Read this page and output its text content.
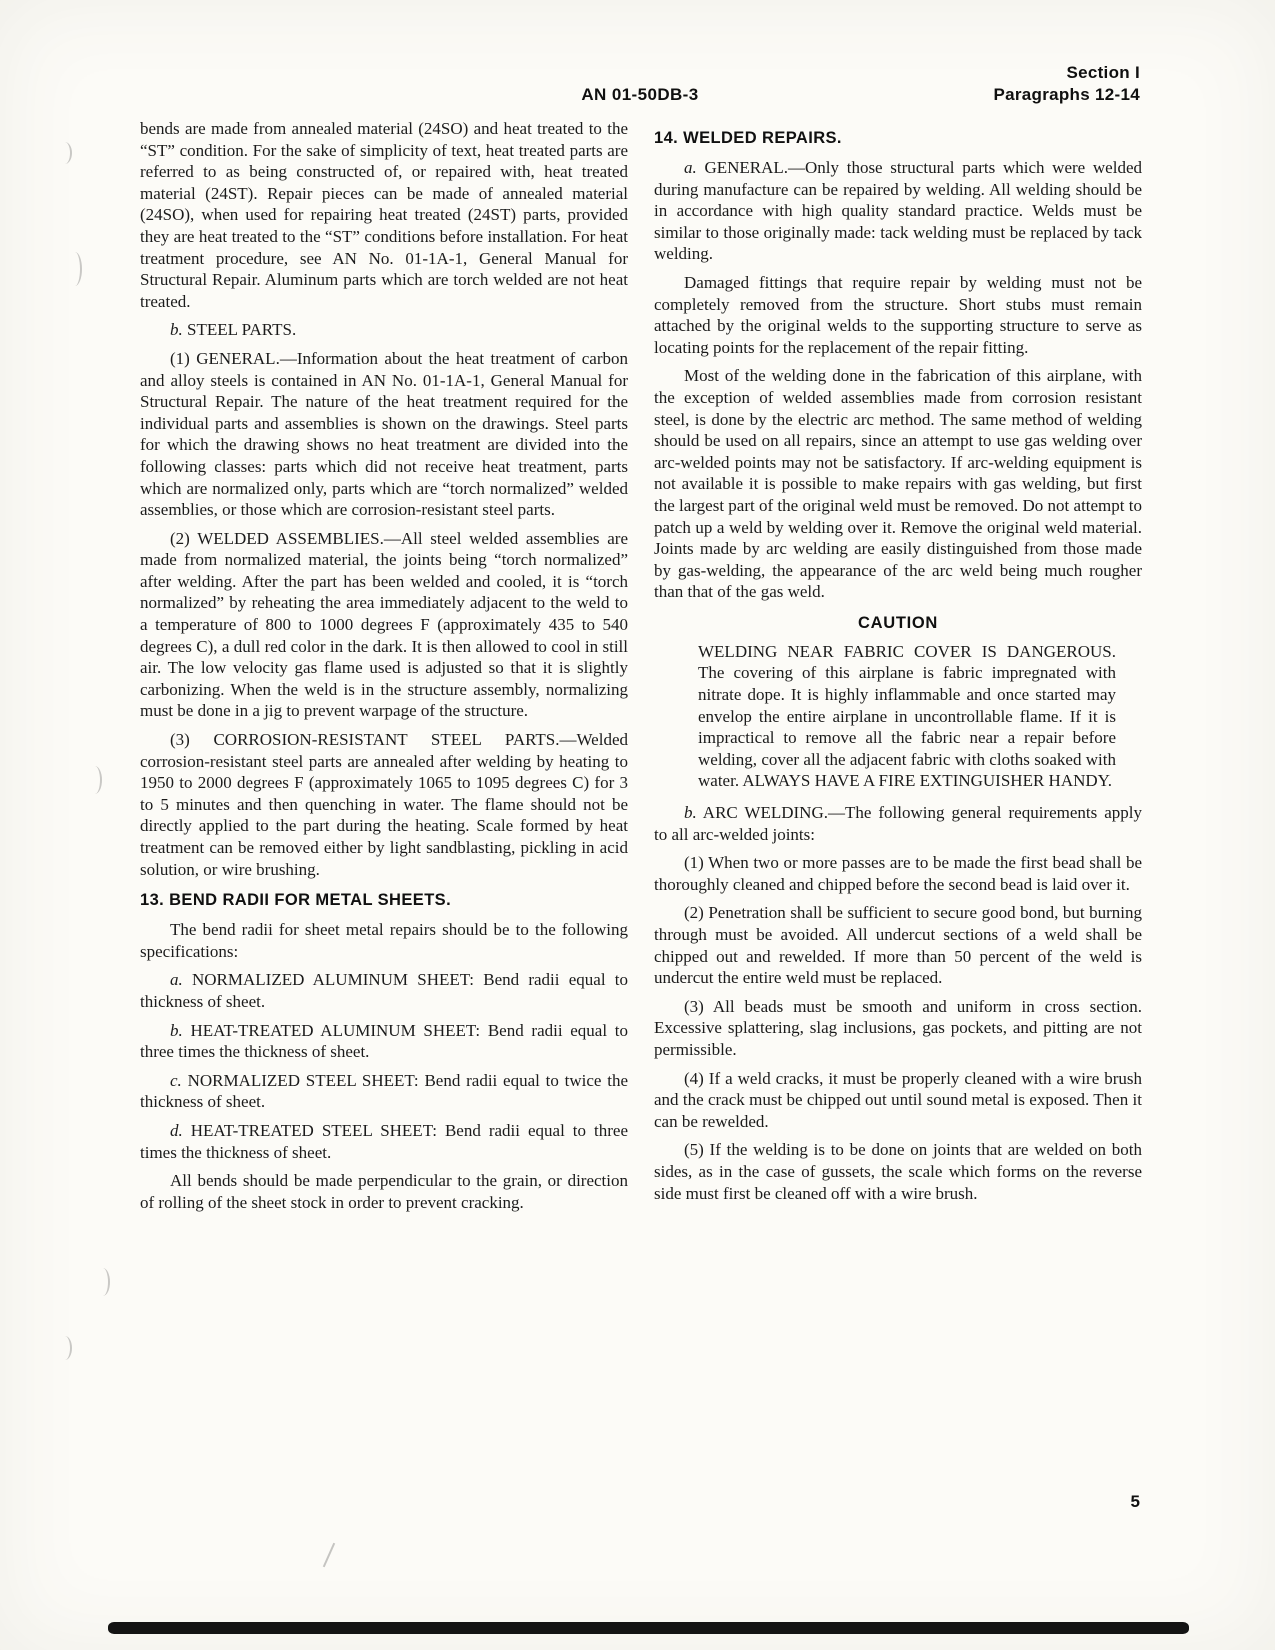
AN 01-50DB-3
Section I
Paragraphs 12-14

bends are made from annealed material (24SO) and heat treated to the “ST” condition. For the sake of simplicity of text, heat treated parts are referred to as being constructed of, or repaired with, heat treated material (24ST). Repair pieces can be made of annealed material (24SO), when used for repairing heat treated (24ST) parts, provided they are heat treated to the “ST” conditions before installation. For heat treatment procedure, see AN No. 01-1A-1, General Manual for Structural Repair. Aluminum parts which are torch welded are not heat treated.

b. STEEL PARTS.

(1) GENERAL.—Information about the heat treatment of carbon and alloy steels is contained in AN No. 01-1A-1, General Manual for Structural Repair. The nature of the heat treatment required for the individual parts and assemblies is shown on the drawings. Steel parts for which the drawing shows no heat treatment are divided into the following classes: parts which did not receive heat treatment, parts which are normalized only, parts which are “torch normalized” welded assemblies, or those which are corrosion-resistant steel parts.

(2) WELDED ASSEMBLIES.—All steel welded assemblies are made from normalized material, the joints being “torch normalized” after welding. After the part has been welded and cooled, it is “torch normalized” by reheating the area immediately adjacent to the weld to a temperature of 800 to 1000 degrees F (approximately 435 to 540 degrees C), a dull red color in the dark. It is then allowed to cool in still air. The low velocity gas flame used is adjusted so that it is slightly carbonizing. When the weld is in the structure assembly, normalizing must be done in a jig to prevent warpage of the structure.

(3) CORROSION-RESISTANT STEEL PARTS.—Welded corrosion-resistant steel parts are annealed after welding by heating to 1950 to 2000 degrees F (approximately 1065 to 1095 degrees C) for 3 to 5 minutes and then quenching in water. The flame should not be directly applied to the part during the heating. Scale formed by heat treatment can be removed either by light sandblasting, pickling in acid solution, or wire brushing.

13. BEND RADII FOR METAL SHEETS.

The bend radii for sheet metal repairs should be to the following specifications:

a. NORMALIZED ALUMINUM SHEET: Bend radii equal to thickness of sheet.

b. HEAT-TREATED ALUMINUM SHEET: Bend radii equal to three times the thickness of sheet.

c. NORMALIZED STEEL SHEET: Bend radii equal to twice the thickness of sheet.

d. HEAT-TREATED STEEL SHEET: Bend radii equal to three times the thickness of sheet.

All bends should be made perpendicular to the grain, or direction of rolling of the sheet stock in order to prevent cracking.

14. WELDED REPAIRS.

a. GENERAL.—Only those structural parts which were welded during manufacture can be repaired by welding. All welding should be in accordance with high quality standard practice. Welds must be similar to those originally made: tack welding must be replaced by tack welding.

Damaged fittings that require repair by welding must not be completely removed from the structure. Short stubs must remain attached by the original welds to the supporting structure to serve as locating points for the replacement of the repair fitting.

Most of the welding done in the fabrication of this airplane, with the exception of welded assemblies made from corrosion resistant steel, is done by the electric arc method. The same method of welding should be used on all repairs, since an attempt to use gas welding over arc-welded points may not be satisfactory. If arc-welding equipment is not available it is possible to make repairs with gas welding, but first the largest part of the original weld must be removed. Do not attempt to patch up a weld by welding over it. Remove the original weld material. Joints made by arc welding are easily distinguished from those made by gas-welding, the appearance of the arc weld being much rougher than that of the gas weld.

CAUTION

WELDING NEAR FABRIC COVER IS DANGEROUS. The covering of this airplane is fabric impregnated with nitrate dope. It is highly inflammable and once started may envelop the entire airplane in uncontrollable flame. If it is impractical to remove all the fabric near a repair before welding, cover all the adjacent fabric with cloths soaked with water. ALWAYS HAVE A FIRE EXTINGUISHER HANDY.

b. ARC WELDING.—The following general requirements apply to all arc-welded joints:

(1) When two or more passes are to be made the first bead shall be thoroughly cleaned and chipped before the second bead is laid over it.

(2) Penetration shall be sufficient to secure good bond, but burning through must be avoided. All undercut sections of a weld shall be chipped out and rewelded. If more than 50 percent of the weld is undercut the entire weld must be replaced.

(3) All beads must be smooth and uniform in cross section. Excessive splattering, slag inclusions, gas pockets, and pitting are not permissible.

(4) If a weld cracks, it must be properly cleaned with a wire brush and the crack must be chipped out until sound metal is exposed. Then it can be rewelded.

(5) If the welding is to be done on joints that are welded on both sides, as in the case of gussets, the scale which forms on the reverse side must first be cleaned off with a wire brush.

5
